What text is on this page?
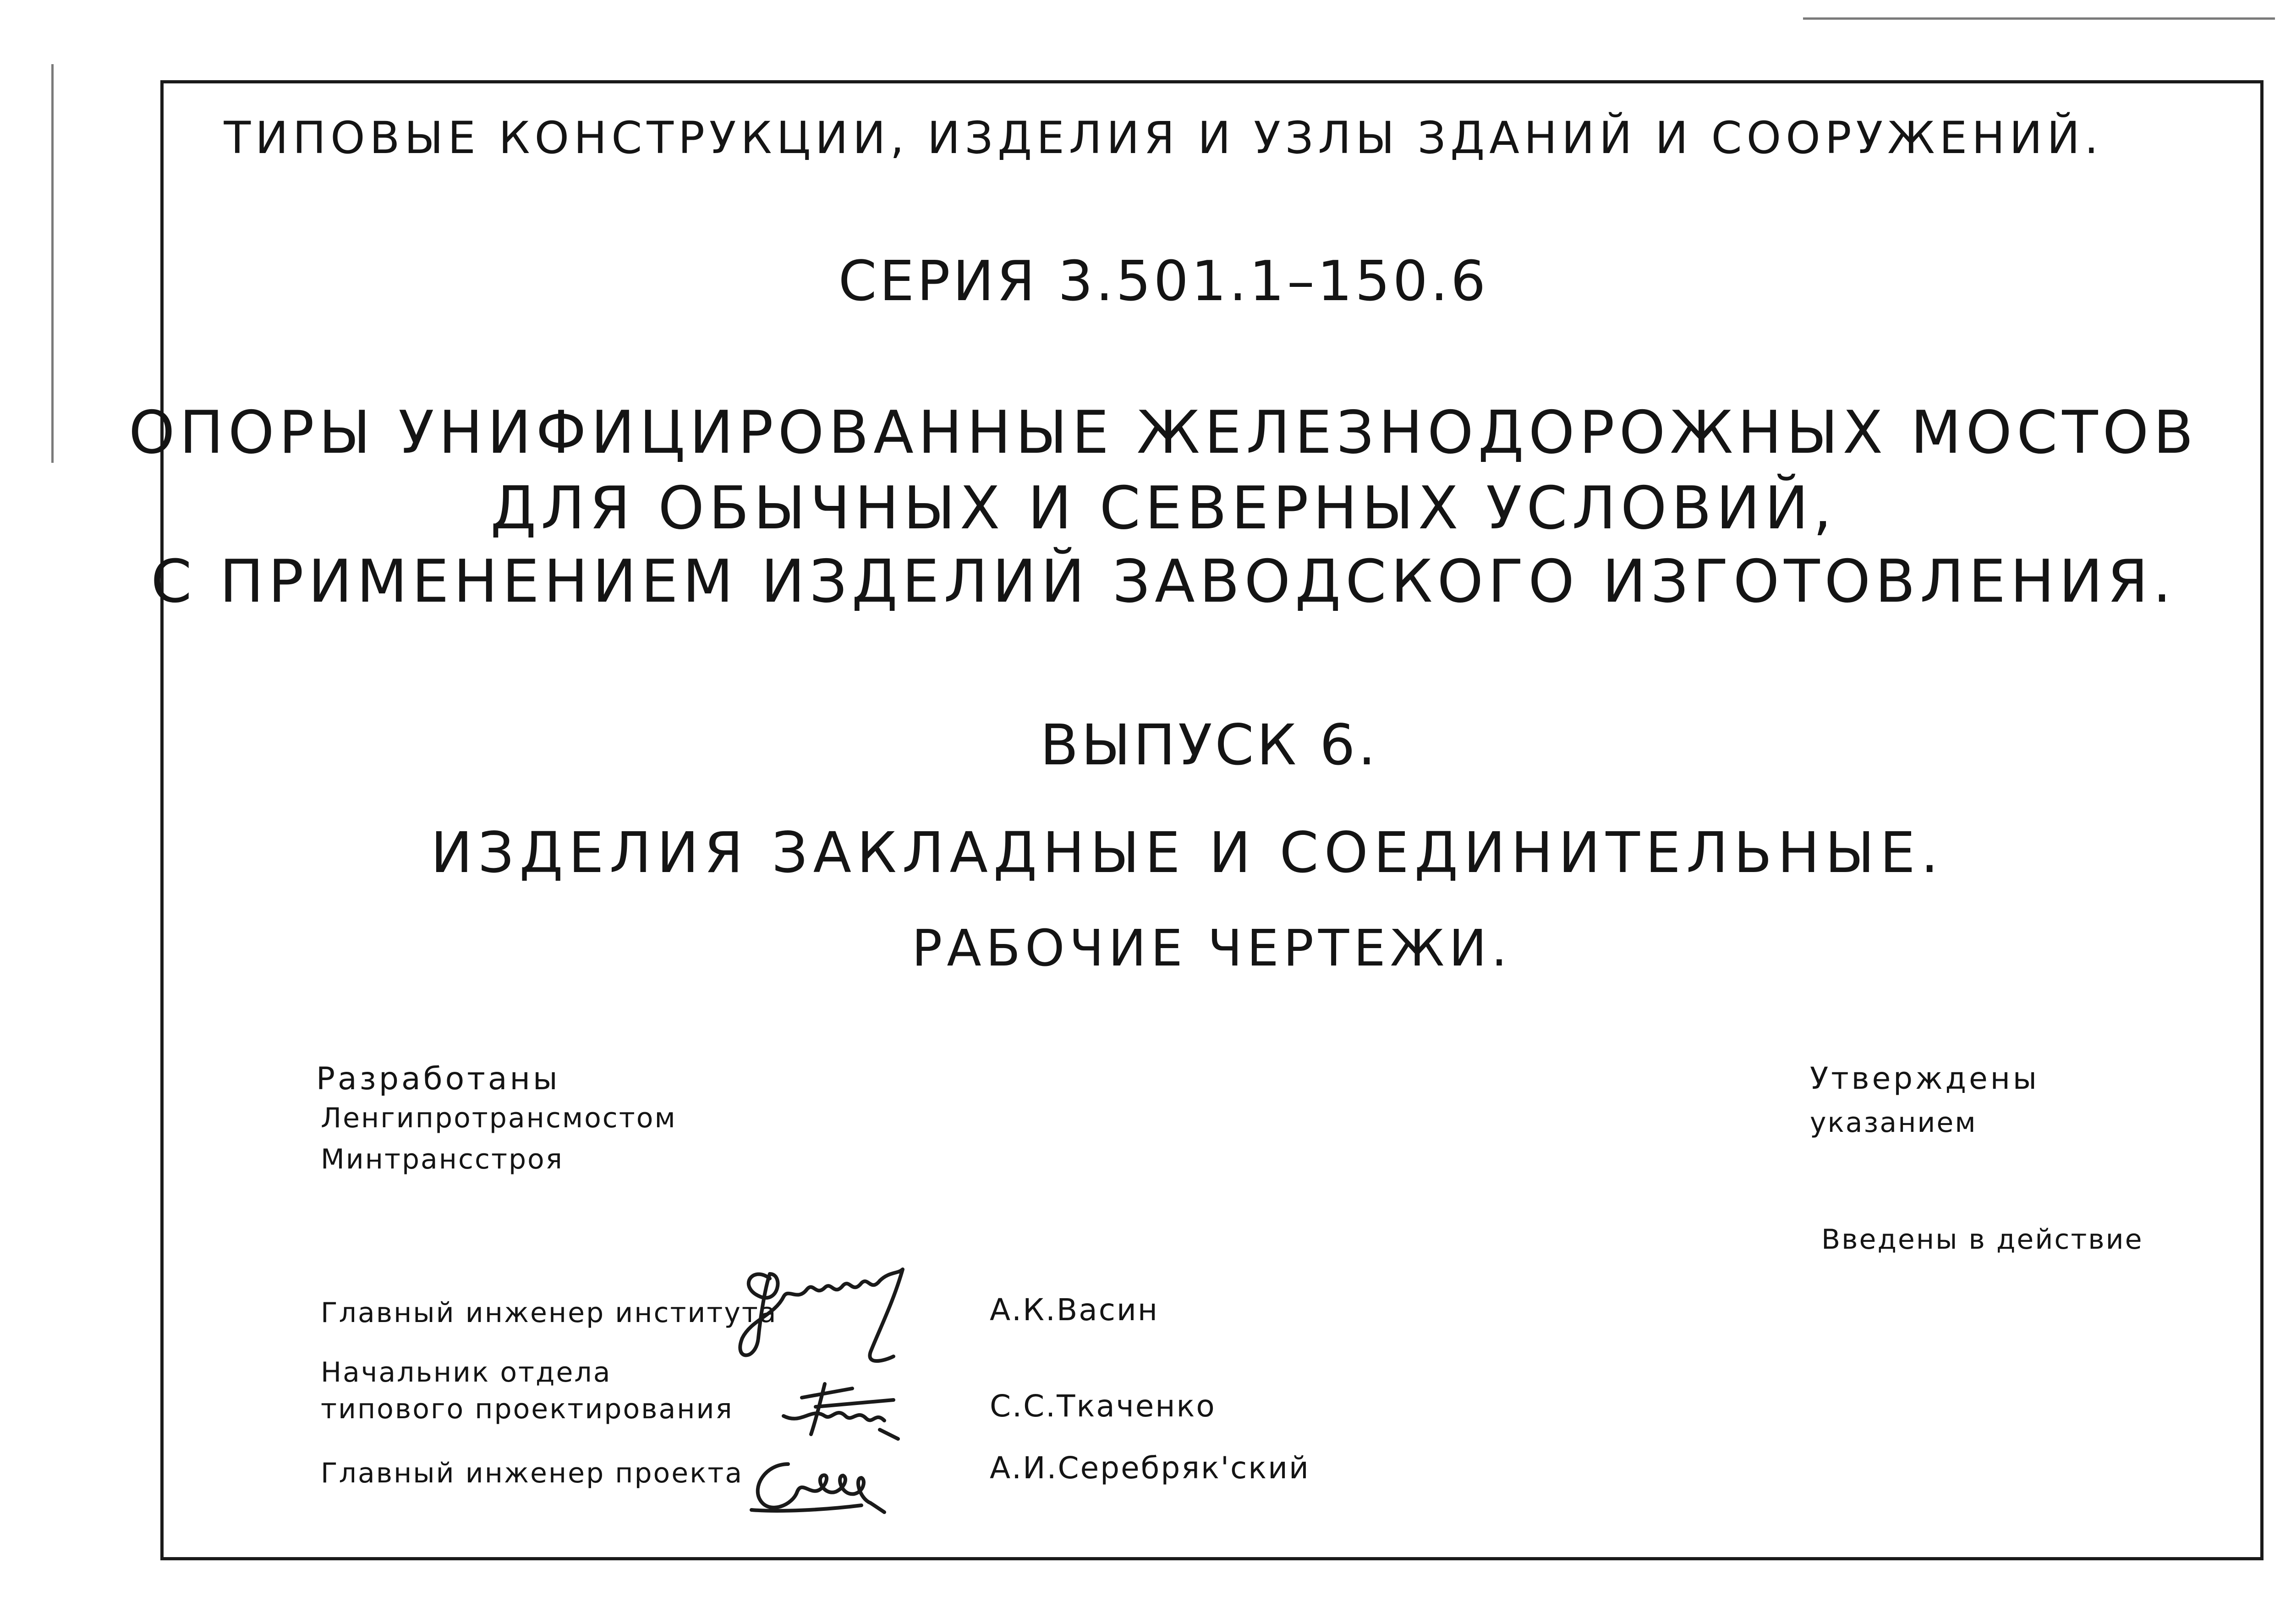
ТИПОВЫЕ КОНСТРУКЦИИ, ИЗДЕЛИЯ И УЗЛЫ ЗДАНИЙ И СООРУЖЕНИЙ.
СЕРИЯ 3.501.1–150.6
ОПОРЫ УНИФИЦИРОВАННЫЕ ЖЕЛЕЗНОДОРОЖНЫХ МОСТОВ
ДЛЯ ОБЫЧНЫХ И СЕВЕРНЫХ УСЛОВИЙ,
С ПРИМЕНЕНИЕМ ИЗДЕЛИЙ ЗАВОДСКОГО ИЗГОТОВЛЕНИЯ.
ВЫПУСК 6.
ИЗДЕЛИЯ ЗАКЛАДНЫЕ И СОЕДИНИТЕЛЬНЫЕ.
РАБОЧИЕ ЧЕРТЕЖИ.
Разработаны
Ленгипротрансмостом
Минтрансстроя
Утверждены
указанием
Введены в действие
Главный инженер института
Начальник отдела
типового проектирования
Главный инженер проекта
А.К.Васин
С.С.Ткаченко
А.И.Серебряк'ский
